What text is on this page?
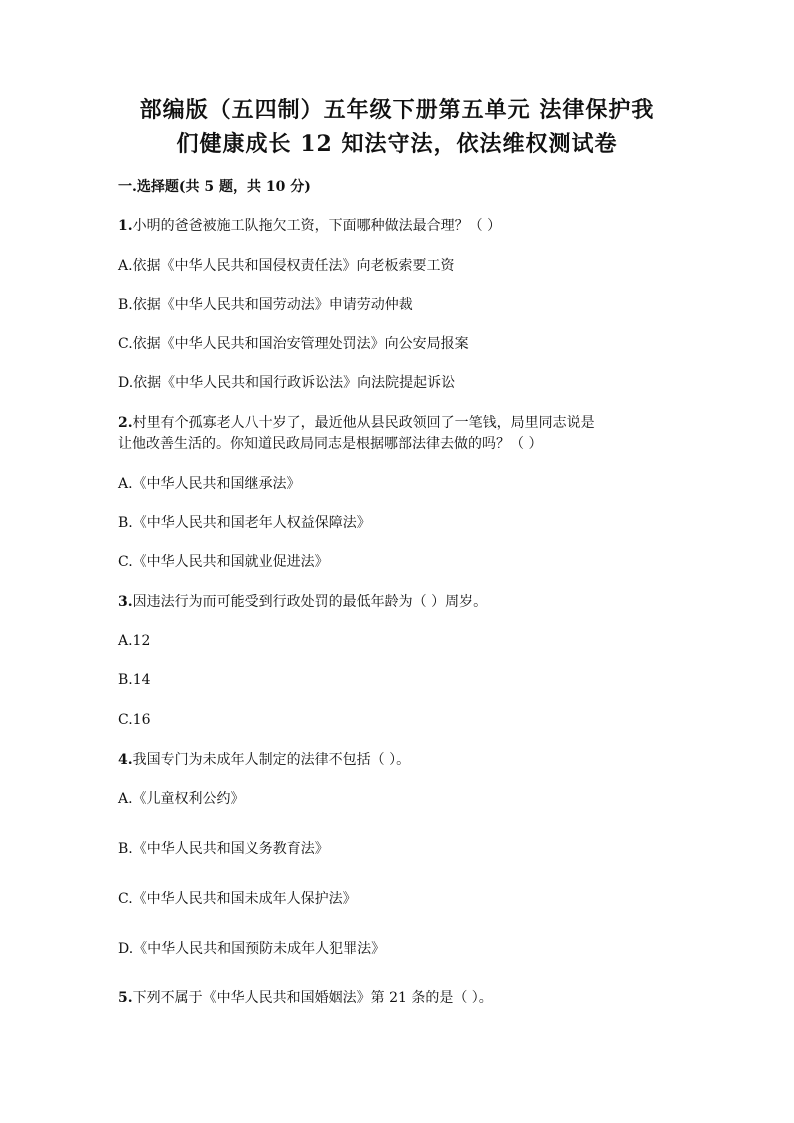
部编版（五四制）五年级下册第五单元 法律保护我
们健康成长 12 知法守法，依法维权测试卷
一.选择题(共 5 题，共 10 分)
1.小明的爸爸被施工队拖欠工资，下面哪种做法最合理？（ ）
A.依据《中华人民共和国侵权责任法》向老板索要工资
B.依据《中华人民共和国劳动法》申请劳动仲裁
C.依据《中华人民共和国治安管理处罚法》向公安局报案
D.依据《中华人民共和国行政诉讼法》向法院提起诉讼
2.村里有个孤寡老人八十岁了，最近他从县民政领回了一笔钱，局里同志说是
让他改善生活的。你知道民政局同志是根据哪部法律去做的吗？（ ）
A.《中华人民共和国继承法》
B.《中华人民共和国老年人权益保障法》
C.《中华人民共和国就业促进法》
3.因违法行为而可能受到行政处罚的最低年龄为（ ）周岁。
A.12
B.14
C.16
4.我国专门为未成年人制定的法律不包括（ ）。
A.《儿童权利公约》
B.《中华人民共和国义务教育法》
C.《中华人民共和国未成年人保护法》
D.《中华人民共和国预防未成年人犯罪法》
5.下列不属于《中华人民共和国婚姻法》第 21 条的是（ ）。
